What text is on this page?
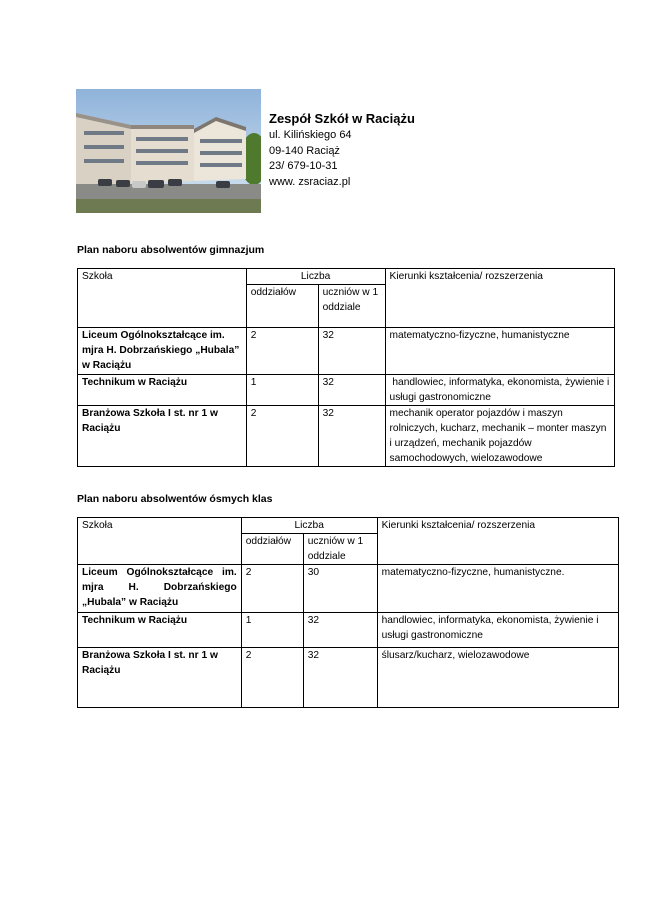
Zespół Szkół w Raciążu
ul. Kilińskiego 64
09-140 Raciąż
23/ 679-10-31
www. zsraciaz.pl
Plan naboru absolwentów gimnazjum
Szkoła	Liczba		Kierunki kształcenia/ rozszerzenia
	oddziałów	uczniów w 1 oddziale	
Liceum Ogólnokształcące im. mjra H. Dobrzańskiego „Hubala” w Raciążu	2	32	matematyczno-fizyczne, humanistyczne
Technikum w Raciążu	1	32	handlowiec, informatyka, ekonomista, żywienie i usługi gastronomiczne
Branżowa Szkoła I st. nr 1 w Raciążu	2	32	mechanik operator pojazdów i maszyn rolniczych, kucharz, mechanik – monter maszyn i urządzeń, mechanik pojazdów samochodowych, wielozawodowe
Plan naboru absolwentów ósmych klas
Szkoła	Liczba		Kierunki kształcenia/ rozszerzenia
	oddziałów	uczniów w 1 oddziale	
Liceum Ogólnokształcące im. mjra H. Dobrzańskiego „Hubala” w Raciążu	2	30	matematyczno-fizyczne, humanistyczne.
Technikum w Raciążu	1	32	handlowiec, informatyka, ekonomista, żywienie i usługi gastronomiczne
Branżowa Szkoła I st. nr 1 w Raciążu	2	32	ślusarz/kucharz, wielozawodowe
